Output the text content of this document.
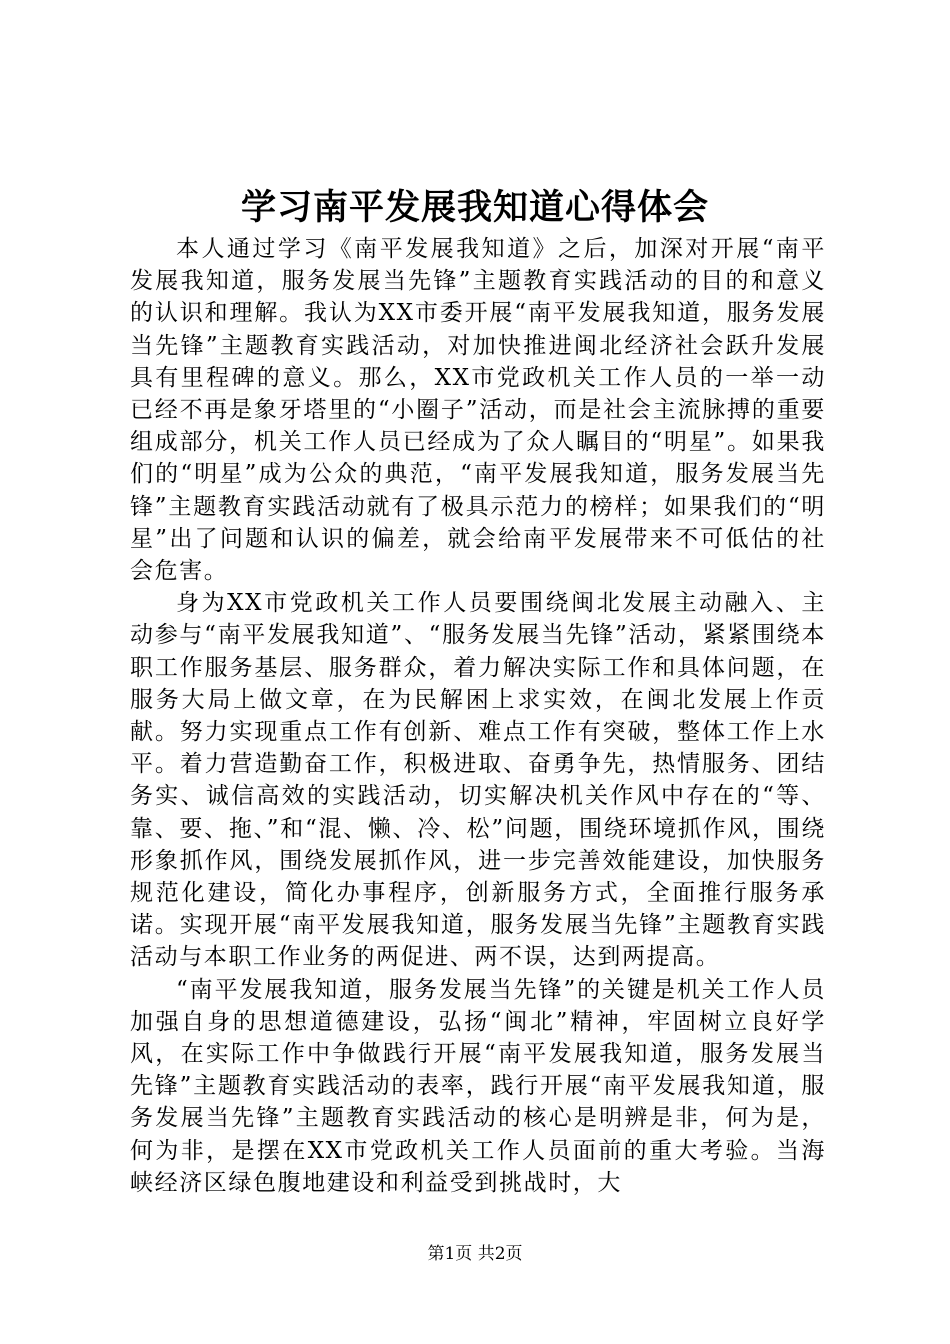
学习南平发展我知道心得体会

本人通过学习《南平发展我知道》之后，加深对开展“南平发展我知道，服务发展当先锋”主题教育实践活动的目的和意义的认识和理解。我认为XX市委开展“南平发展我知道，服务发展当先锋”主题教育实践活动，对加快推进闽北经济社会跃升发展具有里程碑的意义。那么，XX市党政机关工作人员的一举一动已经不再是象牙塔里的“小圈子”活动，而是社会主流脉搏的重要组成部分，机关工作人员已经成为了众人瞩目的“明星”。如果我们的“明星”成为公众的典范，“南平发展我知道，服务发展当先锋”主题教育实践活动就有了极具示范力的榜样；如果我们的“明星”出了问题和认识的偏差，就会给南平发展带来不可低估的社会危害。

身为XX市党政机关工作人员要围绕闽北发展主动融入、主动参与“南平发展我知道”、“服务发展当先锋”活动，紧紧围绕本职工作服务基层、服务群众，着力解决实际工作和具体问题，在服务大局上做文章，在为民解困上求实效，在闽北发展上作贡献。努力实现重点工作有创新、难点工作有突破，整体工作上水平。着力营造勤奋工作，积极进取、奋勇争先，热情服务、团结务实、诚信高效的实践活动，切实解决机关作风中存在的“等、靠、要、拖、”和“混、懒、冷、松”问题，围绕环境抓作风，围绕形象抓作风，围绕发展抓作风，进一步完善效能建设，加快服务规范化建设，简化办事程序，创新服务方式，全面推行服务承诺。实现开展“南平发展我知道，服务发展当先锋”主题教育实践活动与本职工作业务的两促进、两不误，达到两提高。

“南平发展我知道，服务发展当先锋”的关键是机关工作人员加强自身的思想道德建设，弘扬“闽北”精神，牢固树立良好学风，在实际工作中争做践行开展“南平发展我知道，服务发展当先锋”主题教育实践活动的表率，践行开展“南平发展我知道，服务发展当先锋”主题教育实践活动的核心是明辨是非，何为是，何为非，是摆在XX市党政机关工作人员面前的重大考验。当海峡经济区绿色腹地建设和利益受到挑战时，大

第1页 共2页
